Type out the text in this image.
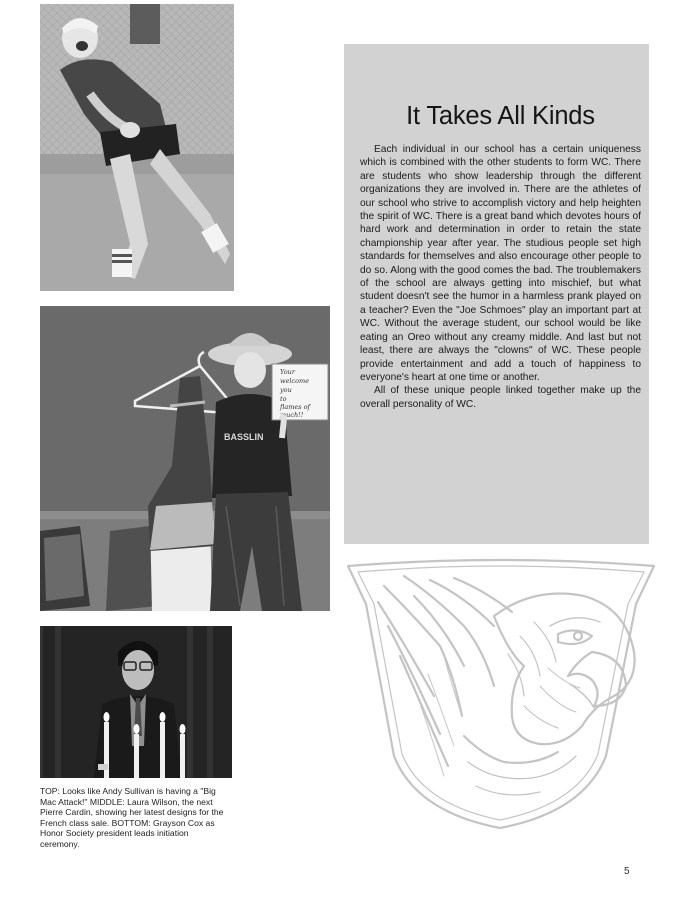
BASSLIN
Your
welcome
you
to
flames of
much!!
TOP: Looks like Andy Sullivan is having a "Big Mac Attack!" MIDDLE: Laura Wilson, the next Pierre Cardin, showing her latest designs for the French class sale. BOTTOM: Grayson Cox as Honor Society president leads initiation ceremony.
It Takes All Kinds

Each individual in our school has a certain uniqueness which is combined with the other students to form WC. There are students who show leadership through the different organizations they are involved in. There are the athletes of our school who strive to accomplish victory and help heighten the spirit of WC. There is a great band which devotes hours of hard work and determination in order to retain the state championship year after year. The studious people set high standards for themselves and also encourage other people to do so. Along with the good comes the bad. The troublemakers of the school are always getting into mischief, but what student doesn't see the humor in a harmless prank played on a teacher? Even the "Joe Schmoes" play an important part at WC. Without the average student, our school would be like eating an Oreo without any creamy middle. And last but not least, there are always the "clowns" of WC. These people provide entertainment and add a touch of happiness to everyone's heart at one time or another.

All of these unique people linked together make up the overall personality of WC.

5
